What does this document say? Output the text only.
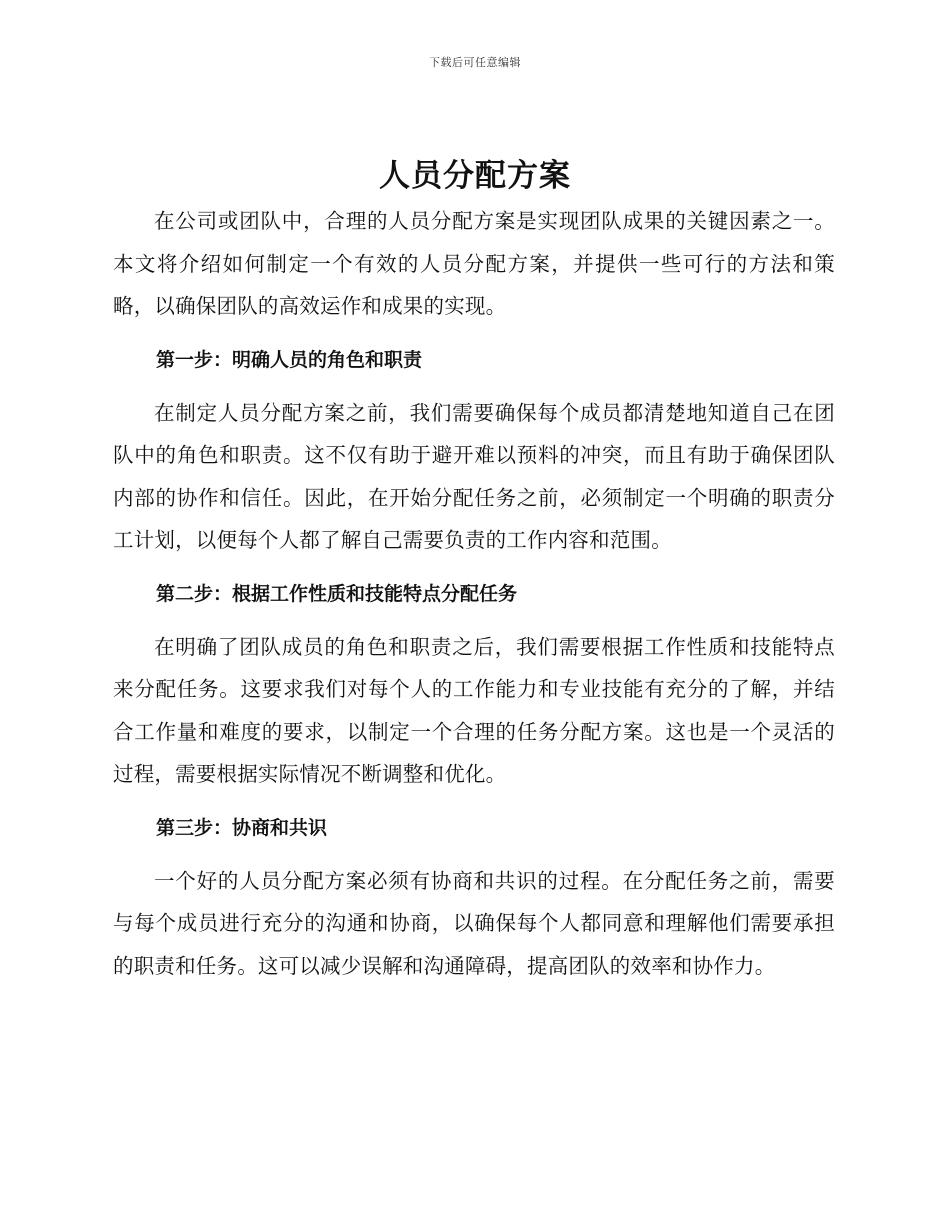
下载后可任意编辑
人员分配方案

在公司或团队中，合理的人员分配方案是实现团队成果的关键因素之一。本文将介绍如何制定一个有效的人员分配方案，并提供一些可行的方法和策略，以确保团队的高效运作和成果的实现。

第一步：明确人员的角色和职责

在制定人员分配方案之前，我们需要确保每个成员都清楚地知道自己在团队中的角色和职责。这不仅有助于避开难以预料的冲突，而且有助于确保团队内部的协作和信任。因此，在开始分配任务之前，必须制定一个明确的职责分工计划，以便每个人都了解自己需要负责的工作内容和范围。

第二步：根据工作性质和技能特点分配任务

在明确了团队成员的角色和职责之后，我们需要根据工作性质和技能特点来分配任务。这要求我们对每个人的工作能力和专业技能有充分的了解，并结合工作量和难度的要求，以制定一个合理的任务分配方案。这也是一个灵活的过程，需要根据实际情况不断调整和优化。

第三步：协商和共识

一个好的人员分配方案必须有协商和共识的过程。在分配任务之前，需要与每个成员进行充分的沟通和协商，以确保每个人都同意和理解他们需要承担的职责和任务。这可以减少误解和沟通障碍，提高团队的效率和协作力。
